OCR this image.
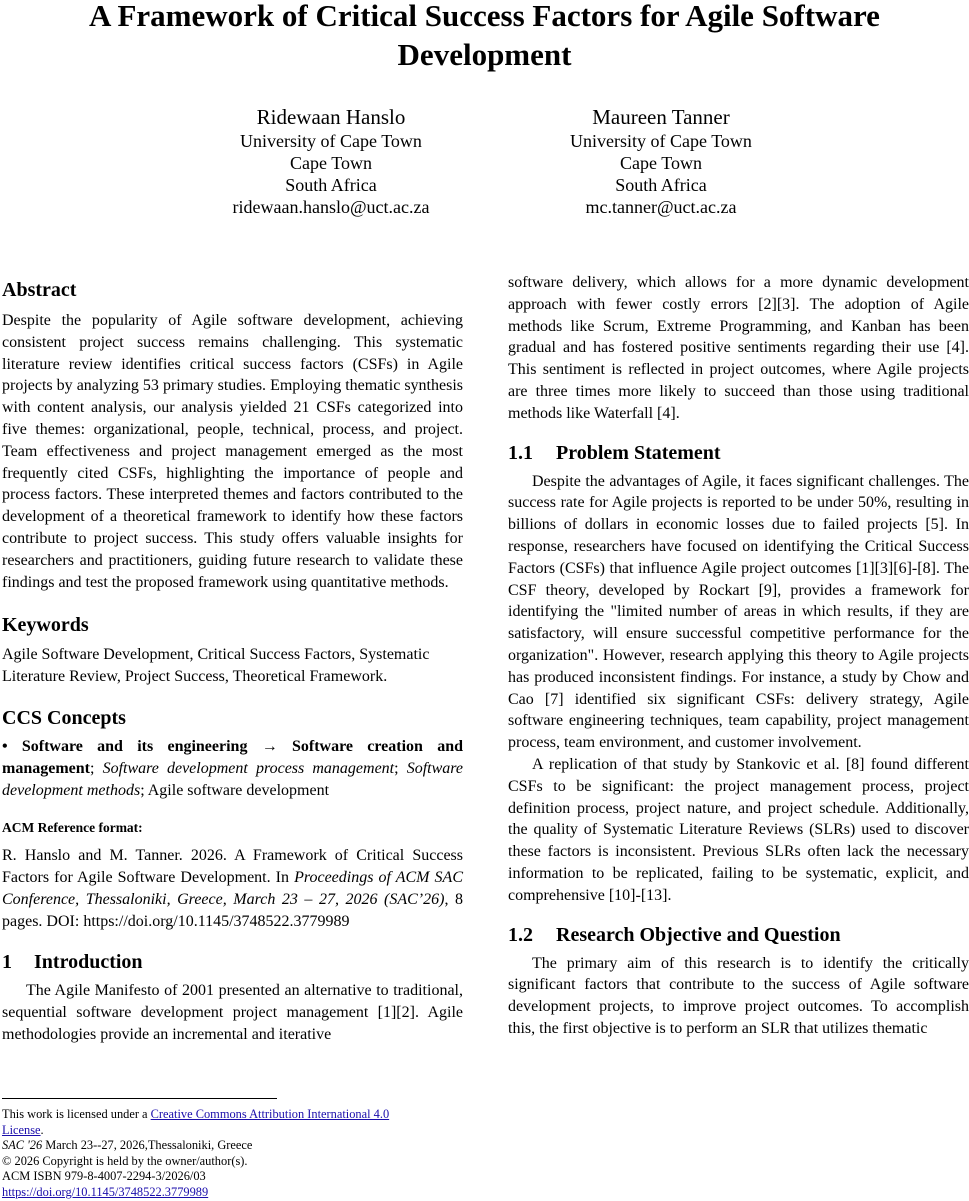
A Framework of Critical Success Factors for Agile Software Development
Ridewaan Hanslo
University of Cape Town
Cape Town
South Africa
ridewaan.hanslo@uct.ac.za
Maureen Tanner
University of Cape Town
Cape Town
South Africa
mc.tanner@uct.ac.za
Abstract

Despite the popularity of Agile software development, achieving consistent project success remains challenging. This systematic literature review identifies critical success factors (CSFs) in Agile projects by analyzing 53 primary studies. Employing thematic synthesis with content analysis, our analysis yielded 21 CSFs categorized into five themes: organizational, people, technical, process, and project. Team effectiveness and project management emerged as the most frequently cited CSFs, highlighting the importance of people and process factors. These interpreted themes and factors contributed to the development of a theoretical framework to identify how these factors contribute to project success. This study offers valuable insights for researchers and practitioners, guiding future research to validate these findings and test the proposed framework using quantitative methods.

Keywords

Agile Software Development, Critical Success Factors, Systematic Literature Review, Project Success, Theoretical Framework.

CCS Concepts

• Software and its engineering → Software creation and management; Software development process management; Software development methods; Agile software development

ACM Reference format:

R. Hanslo and M. Tanner. 2026. A Framework of Critical Success Factors for Agile Software Development. In Proceedings of ACM SAC Conference, Thessaloniki, Greece, March 23 – 27, 2026 (SAC’26), 8 pages. DOI: https://doi.org/10.1145/3748522.3779989

1 Introduction

The Agile Manifesto of 2001 presented an alternative to traditional, sequential software development project management [1][2]. Agile methodologies provide an incremental and iterative

software delivery, which allows for a more dynamic development approach with fewer costly errors [2][3]. The adoption of Agile methods like Scrum, Extreme Programming, and Kanban has been gradual and has fostered positive sentiments regarding their use [4]. This sentiment is reflected in project outcomes, where Agile projects are three times more likely to succeed than those using traditional methods like Waterfall [4].

1.1 Problem Statement

Despite the advantages of Agile, it faces significant challenges. The success rate for Agile projects is reported to be under 50%, resulting in billions of dollars in economic losses due to failed projects [5]. In response, researchers have focused on identifying the Critical Success Factors (CSFs) that influence Agile project outcomes [1][3][6]-[8]. The CSF theory, developed by Rockart [9], provides a framework for identifying the "limited number of areas in which results, if they are satisfactory, will ensure successful competitive performance for the organization". However, research applying this theory to Agile projects has produced inconsistent findings. For instance, a study by Chow and Cao [7] identified six significant CSFs: delivery strategy, Agile software engineering techniques, team capability, project management process, team environment, and customer involvement.

A replication of that study by Stankovic et al. [8] found different CSFs to be significant: the project management process, project definition process, project nature, and project schedule. Additionally, the quality of Systematic Literature Reviews (SLRs) used to discover these factors is inconsistent. Previous SLRs often lack the necessary information to be replicated, failing to be systematic, explicit, and comprehensive [10]-[13].

1.2 Research Objective and Question

The primary aim of this research is to identify the critically significant factors that contribute to the success of Agile software development projects, to improve project outcomes. To accomplish this, the first objective is to perform an SLR that utilizes thematic

This work is licensed under a Creative Commons Attribution International 4.0
License.
SAC '26 March 23--27, 2026,Thessaloniki, Greece
© 2026 Copyright is held by the owner/author(s).
ACM ISBN 979-8-4007-2294-3/2026/03
https://doi.org/10.1145/3748522.3779989
